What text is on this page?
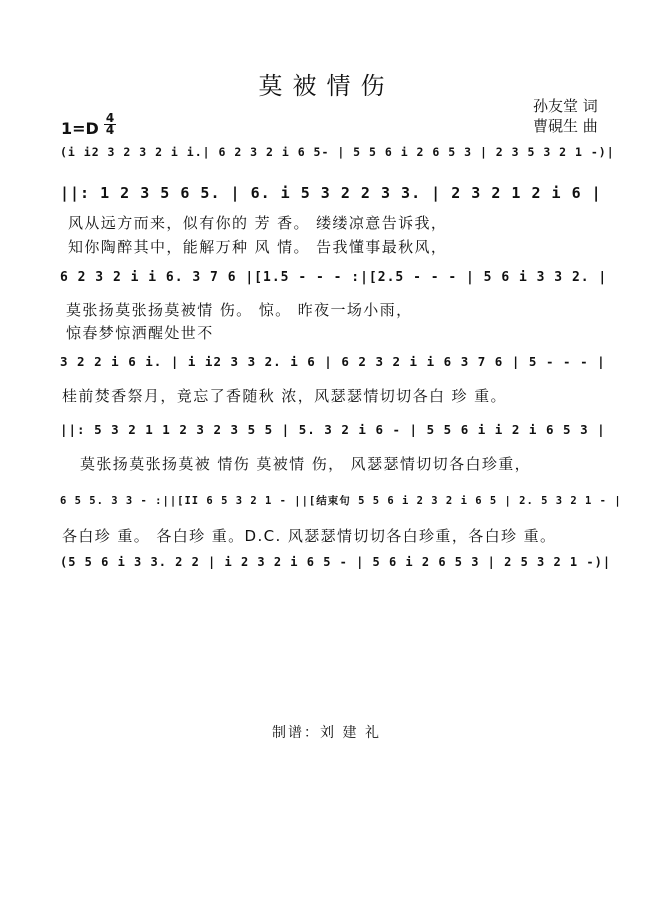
莫被情伤
孙友堂 词
曹硯生 曲
1=D
4
4
(i i2 3 2 3 2 i i.| 6 2 3 2 i 6 5- | 5 5 6 i 2 6 5 3 | 2 3 5 3 2 1 -)|
||: 1 2 3 5 6 5. | 6. i 5 3 2 2 3 3. | 2 3 2 1 2 i 6 |
风从远方而来，似有你的 芳 香。 缕缕凉意告诉我，
知你陶醉其中，能解万种 风 情。 告我懂事最秋风，
6 2 3 2 i i 6. 3 7 6 |[1.5 - - - :|[2.5 - - - | 5 6 i 3 3 2. |
莫张扬莫张扬莫被情 伤。 惊。 昨夜一场小雨，
惊春梦惊洒醒处世不
3 2 2 i 6 i. | i i2 3 3 2. i 6 | 6 2 3 2 i i 6 3 7 6 | 5 - - - |
桂前焚香祭月，竟忘了香随秋 浓，风瑟瑟情切切各白 珍 重。
||: 5 3 2 1 1 2 3 2 3 5 5 | 5. 3 2 i 6 - | 5 5 6 i i 2 i 6 5 3 |
莫张扬莫张扬莫被 情伤 莫被情 伤， 风瑟瑟情切切各白珍重，
6 5 5. 3 3 - :||[II 6 5 3 2 1 - ||[结束句 5 5 6 i 2 3 2 i 6 5 | 2. 5 3 2 1 - |
各白珍 重。 各白珍 重。D.C. 风瑟瑟情切切各白珍重，各白珍 重。
(5 5 6 i 3 3. 2 2 | i 2 3 2 i 6 5 - | 5 6 i 2 6 5 3 | 2 5 3 2 1 -)|
制谱：刘 建 礼
